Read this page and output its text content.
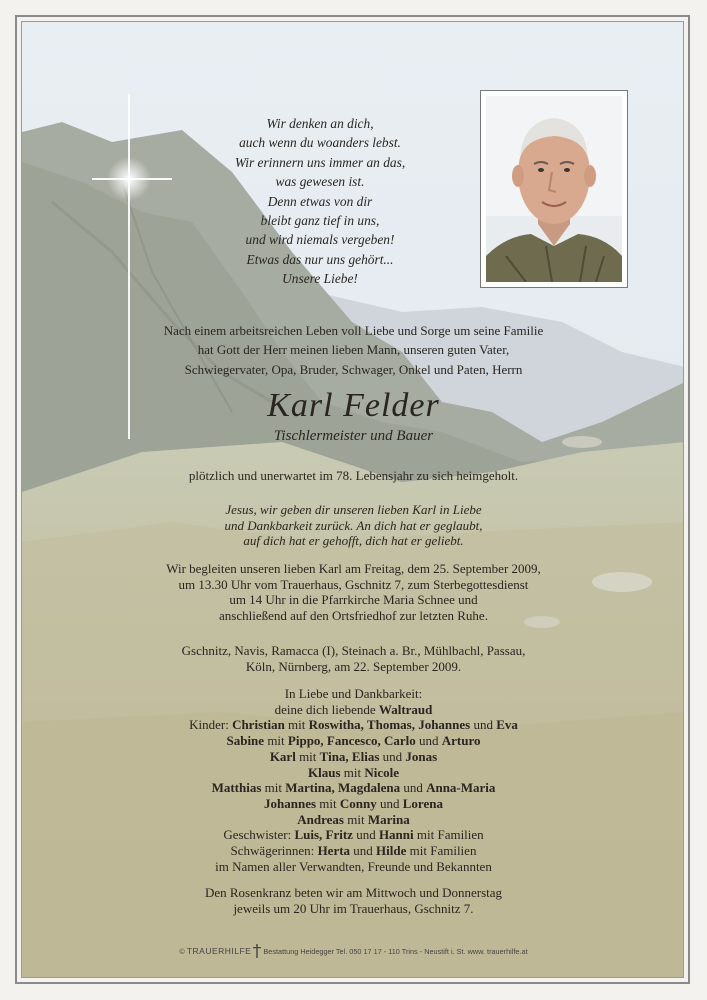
Wir denken an dich,
auch wenn du woanders lebst.
Wir erinnern uns immer an das,
was gewesen ist.
Denn etwas von dir
bleibt ganz tief in uns,
und wird niemals vergeben!
Etwas das nur uns gehört...
Unsere Liebe!
Nach einem arbeitsreichen Leben voll Liebe und Sorge um seine Familie
hat Gott der Herr meinen lieben Mann, unseren guten Vater,
Schwiegervater, Opa, Bruder, Schwager, Onkel und Paten, Herrn
Karl Felder
Tischlermeister und Bauer
plötzlich und unerwartet im 78. Lebensjahr zu sich heimgeholt.
Jesus, wir geben dir unseren lieben Karl in Liebe
und Dankbarkeit zurück. An dich hat er geglaubt,
auf dich hat er gehofft, dich hat er geliebt.
Wir begleiten unseren lieben Karl am Freitag, dem 25. September 2009,
um 13.30 Uhr vom Trauerhaus, Gschnitz 7, zum Sterbegottesdienst
um 14 Uhr in die Pfarrkirche Maria Schnee und
anschließend auf den Ortsfriedhof zur letzten Ruhe.
Gschnitz, Navis, Ramacca (I), Steinach a. Br., Mühlbachl, Passau,
Köln, Nürnberg, am 22. September 2009.
In Liebe und Dankbarkeit:
deine dich liebende Waltraud
Kinder: Christian mit Roswitha, Thomas, Johannes und Eva
Sabine mit Pippo, Fancesco, Carlo und Arturo
Karl mit Tina, Elias und Jonas
Klaus mit Nicole
Matthias mit Martina, Magdalena und Anna-Maria
Johannes mit Conny und Lorena
Andreas mit Marina
Geschwister: Luis, Fritz und Hanni mit Familien
Schwägerinnen: Herta und Hilde mit Familien
im Namen aller Verwandten, Freunde und Bekannten
Den Rosenkranz beten wir am Mittwoch und Donnerstag
jeweils um 20 Uhr im Trauerhaus, Gschnitz 7.
© TRAUERHILFE Bestattung Heidegger Tel. 050 17 17 - 110 Trins - Neustift i. St. www. trauerhilfe.at
